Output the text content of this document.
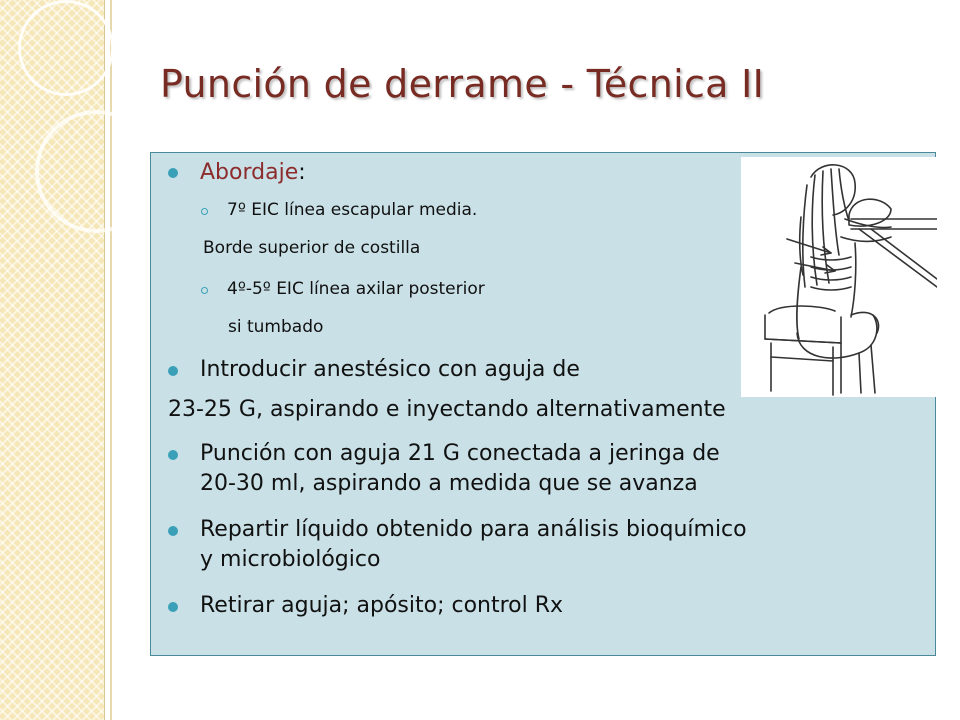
Punción de derrame - Técnica II
Abordaje:
7º EIC línea escapular media.
Borde superior de costilla
4º-5º EIC línea axilar posterior
si tumbado
Introducir anestésico con aguja de
23-25 G, aspirando e inyectando alternativamente
Punción con aguja 21 G conectada a jeringa de
20-30 ml, aspirando a medida que se avanza
Repartir líquido obtenido para análisis bioquímico
y microbiológico
Retirar aguja; apósito; control Rx
